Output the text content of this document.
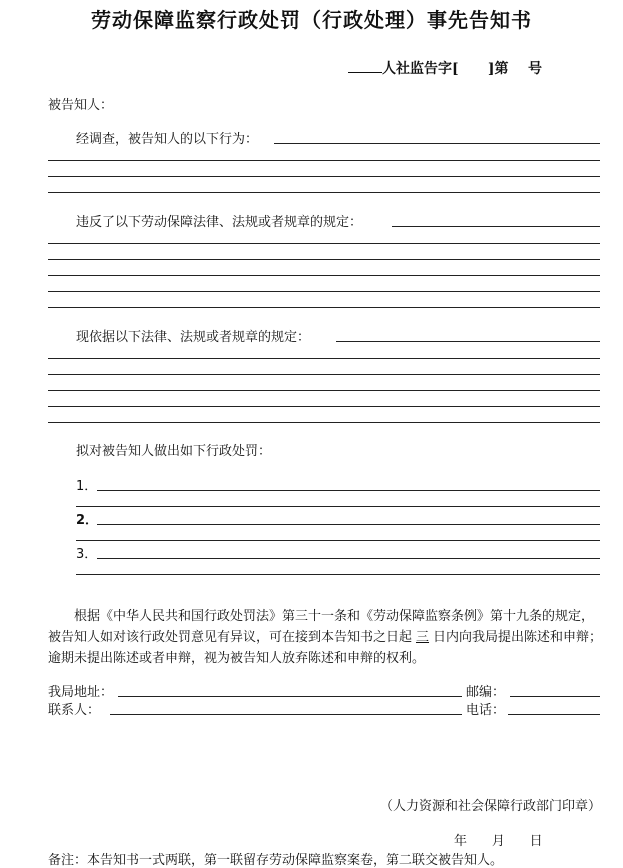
劳动保障监察行政处罚（行政处理）事先告知书
人社监告字[ ]第 号
被告知人：
经调查，被告知人的以下行为：
违反了以下劳动保障法律、法规或者规章的规定：
现依据以下法律、法规或者规章的规定：
拟对被告知人做出如下行政处罚：
1．
2．
3．
根据《中华人民共和国行政处罚法》第三十一条和《劳动保障监察条例》第十九条的规定，被告知人如对该行政处罚意见有异议，可在接到本告知书之日起 三 日内向我局提出陈述和申辩；逾期未提出陈述或者申辩，视为被告知人放弃陈述和申辩的权利。
我局地址：	邮编：
联系人：	电话：
（人力资源和社会保障行政部门印章）
年 月 日
备注：本告知书一式两联，第一联留存劳动保障监察案卷，第二联交被告知人。
